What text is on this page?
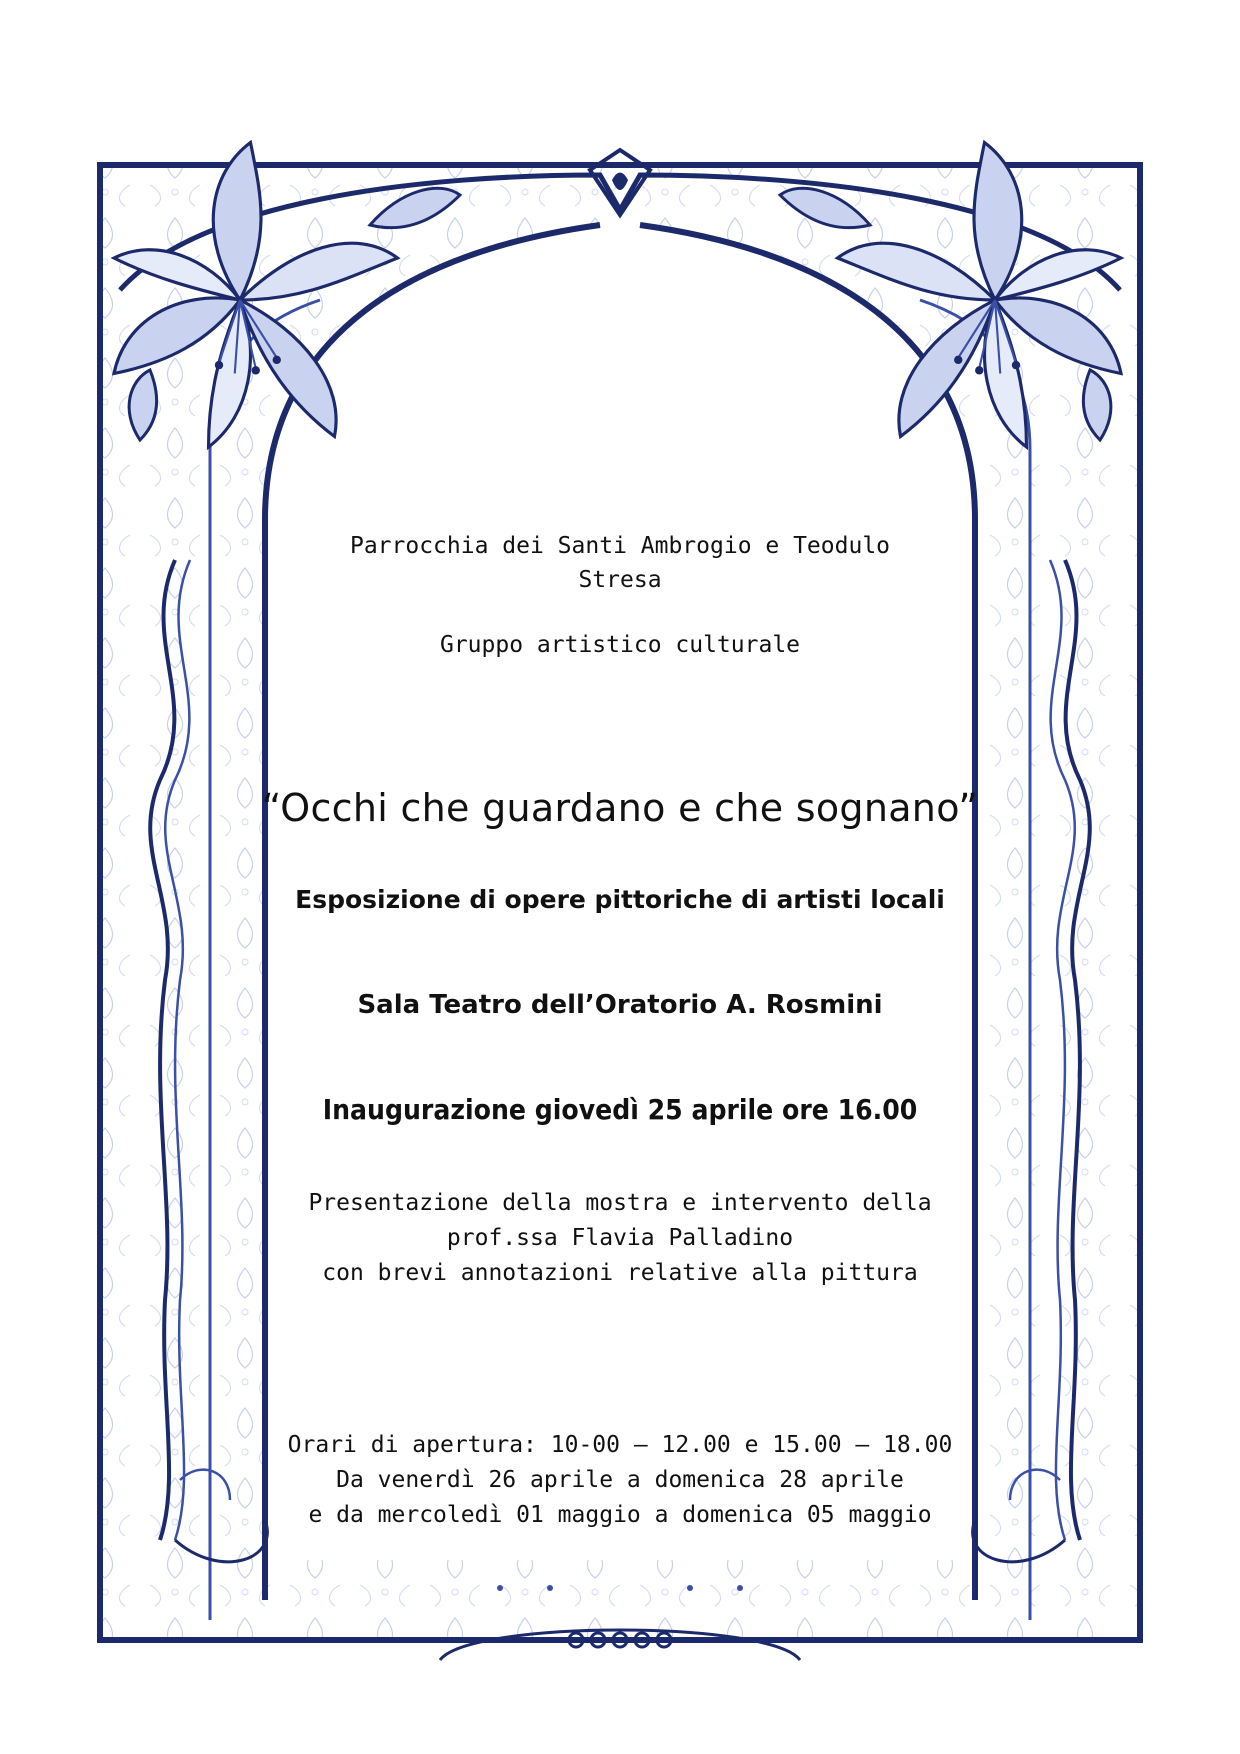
Parrocchia dei Santi Ambrogio e Teodulo
Stresa
Gruppo artistico culturale
“Occhi che guardano e che sognano”
Esposizione di opere pittoriche di artisti locali
Sala Teatro dell’Oratorio A. Rosmini
Inaugurazione giovedì 25 aprile ore 16.00
Presentazione della mostra e intervento della
prof.ssa Flavia Palladino
con brevi annotazioni relative alla pittura
Orari di apertura: 10-00 – 12.00 e 15.00 – 18.00
Da venerdì 26 aprile a domenica 28 aprile
e da mercoledì 01 maggio a domenica 05 maggio
